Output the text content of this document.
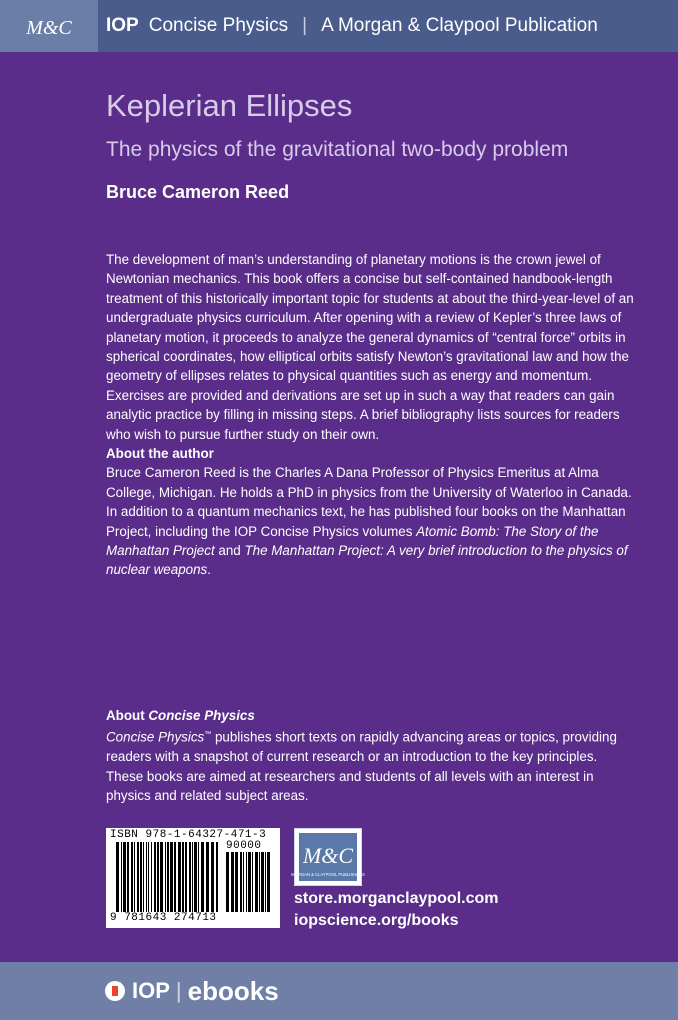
M&C IOP Concise Physics | A Morgan & Claypool Publication
Keplerian Ellipses
The physics of the gravitational two-body problem
Bruce Cameron Reed
The development of man’s understanding of planetary motions is the crown jewel of Newtonian mechanics. This book offers a concise but self-contained handbook-length treatment of this historically important topic for students at about the third-year-level of an undergraduate physics curriculum. After opening with a review of Kepler’s three laws of planetary motion, it proceeds to analyze the general dynamics of “central force” orbits in spherical coordinates, how elliptical orbits satisfy Newton’s gravitational law and how the geometry of ellipses relates to physical quantities such as energy and momentum. Exercises are provided and derivations are set up in such a way that readers can gain analytic practice by filling in missing steps. A brief bibliography lists sources for readers who wish to pursue further study on their own.
About the author
Bruce Cameron Reed is the Charles A Dana Professor of Physics Emeritus at Alma College, Michigan. He holds a PhD in physics from the University of Waterloo in Canada. In addition to a quantum mechanics text, he has published four books on the Manhattan Project, including the IOP Concise Physics volumes Atomic Bomb: The Story of the Manhattan Project and The Manhattan Project: A very brief introduction to the physics of nuclear weapons.
About Concise Physics
Concise Physics™ publishes short texts on rapidly advancing areas or topics, providing readers with a snapshot of current research or an introduction to the key principles. These books are aimed at researchers and students of all levels with an interest in physics and related subject areas.
ISBN 978-1-64327-471-3
90000
9 781643 274713
M&C
MORGAN & CLAYPOOL PUBLISHERS
store.morganclaypool.com
iopscience.org/books
IOP | ebooks
